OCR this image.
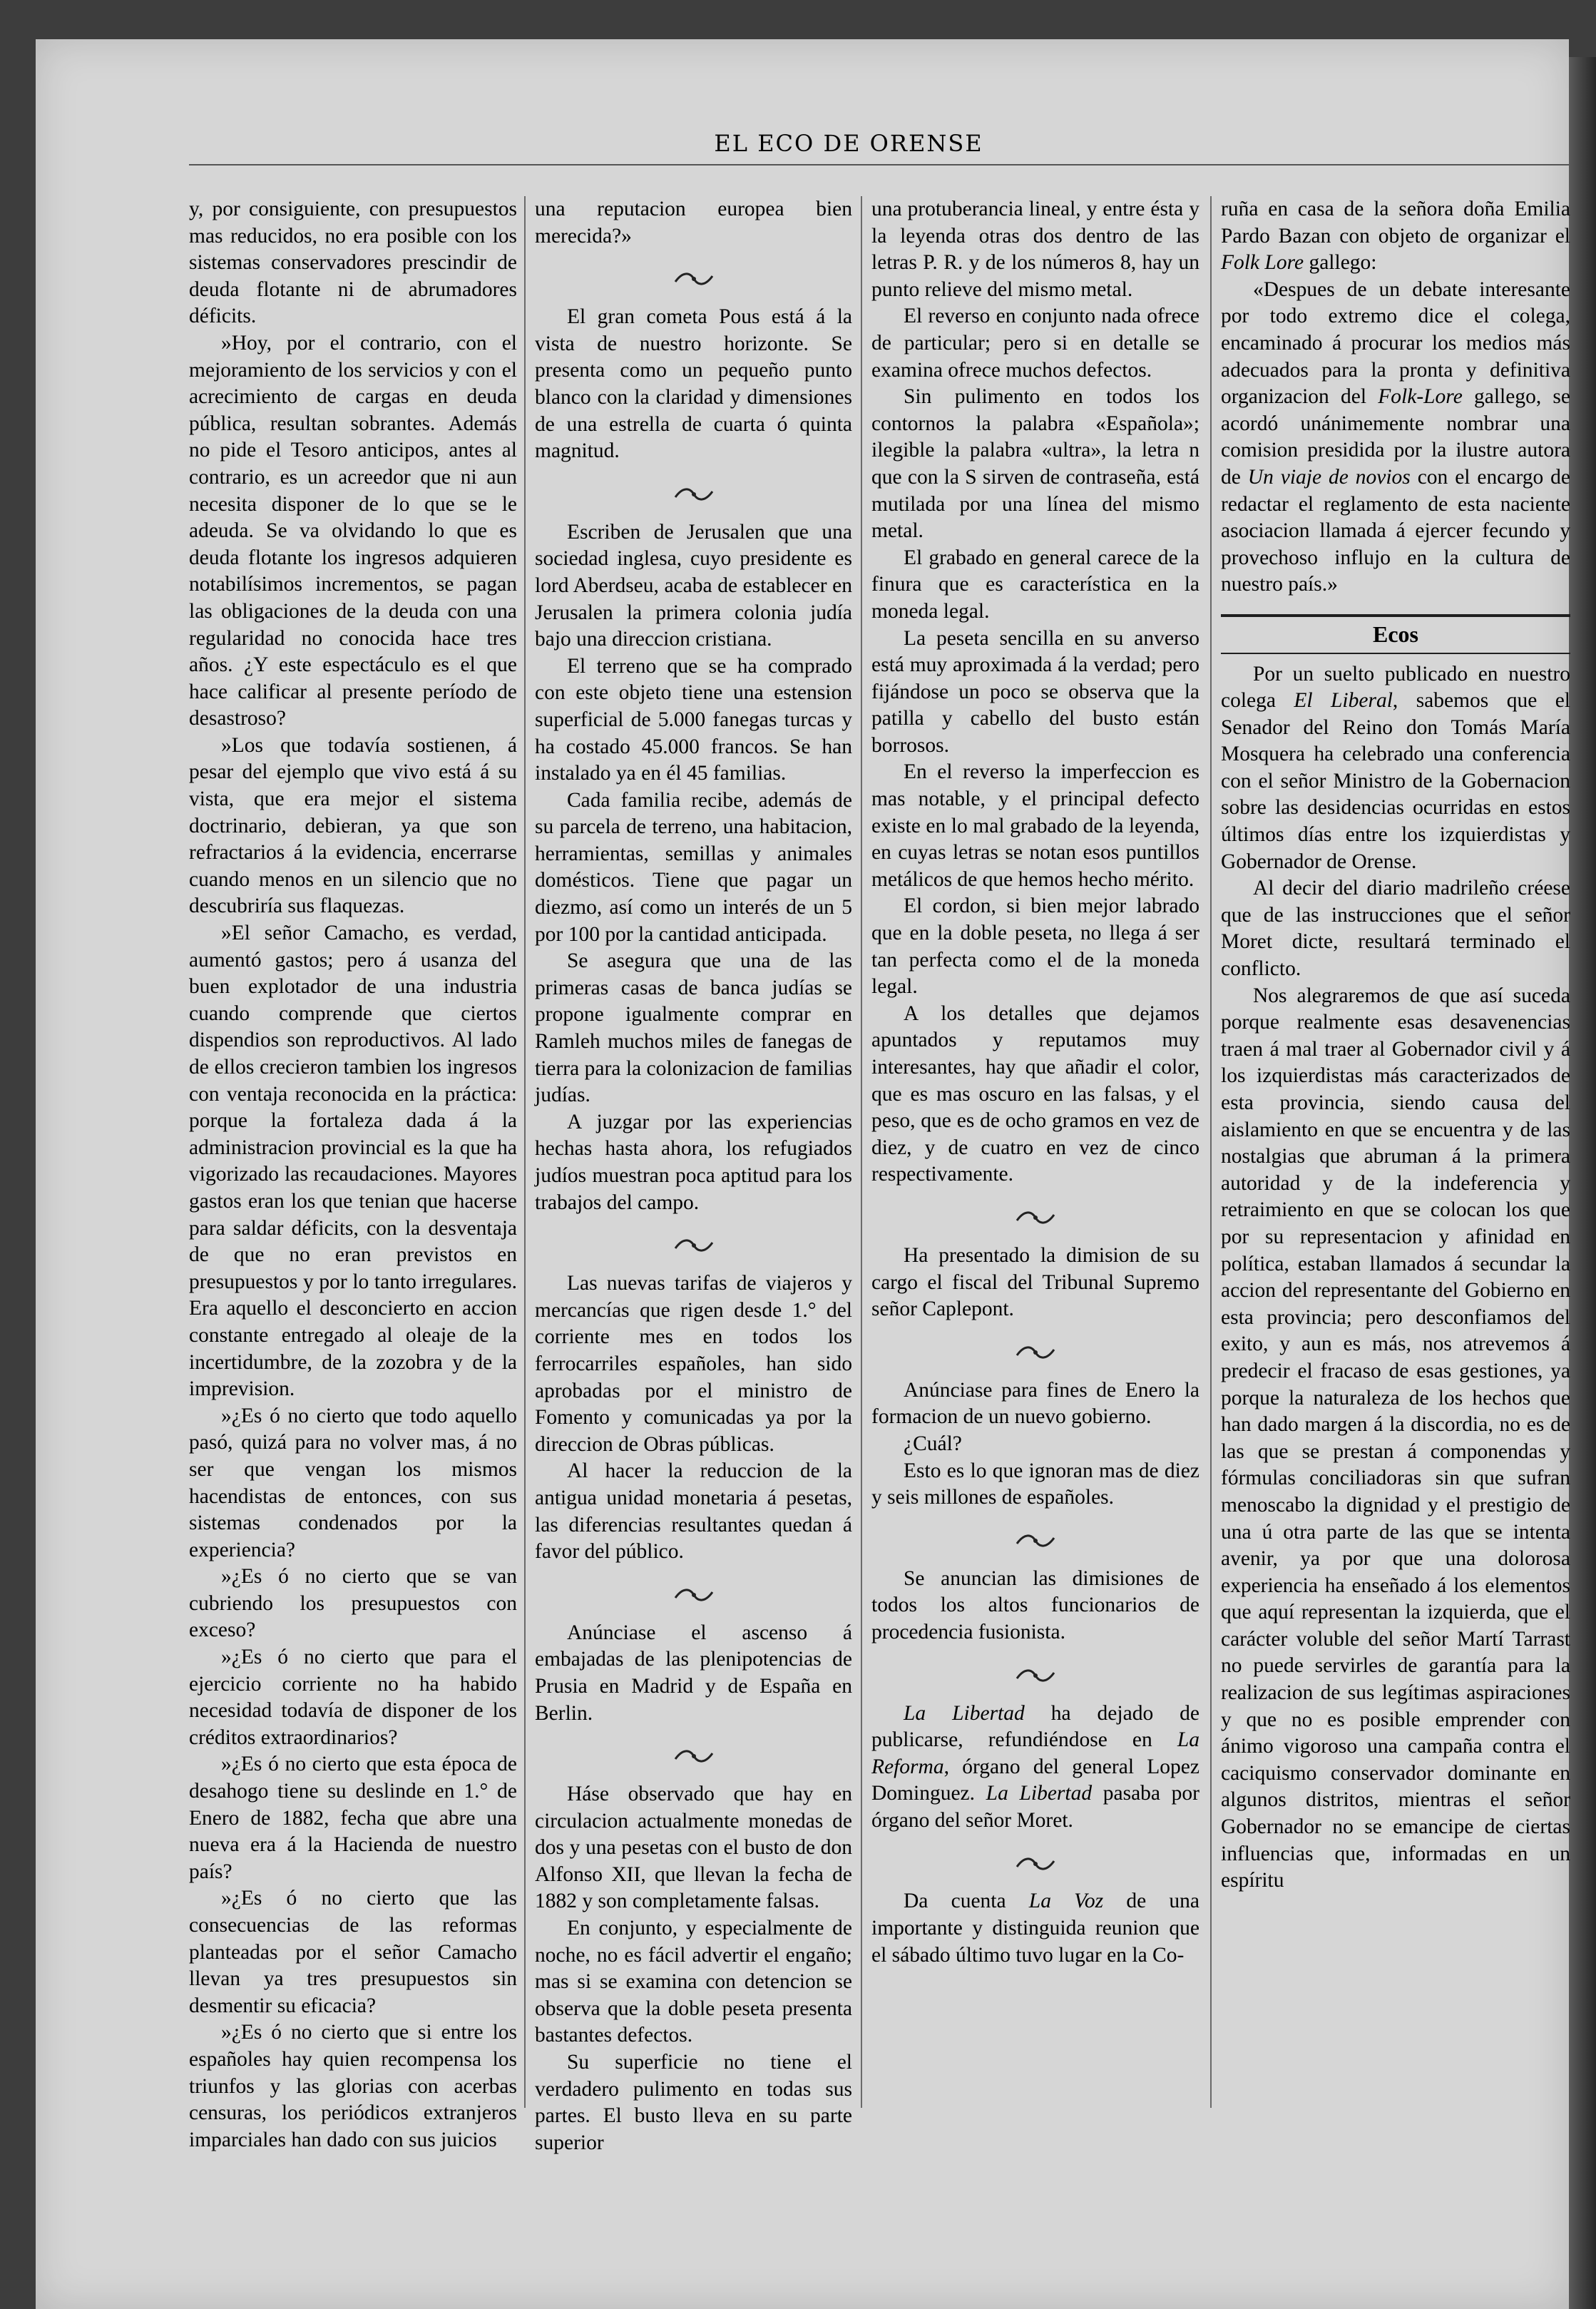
EL ECO DE ORENSE

y, por consiguiente, con presupuestos mas reducidos, no era posible con los sistemas conservadores prescindir de deuda flotante ni de abrumadores déficits.

»Hoy, por el contrario, con el mejoramiento de los servicios y con el acrecimiento de cargas en deuda pública, resultan sobrantes. Además no pide el Tesoro anticipos, antes al contrario, es un acreedor que ni aun necesita disponer de lo que se le adeuda. Se va olvidando lo que es deuda flotante los ingresos adquieren notabilísimos incrementos, se pagan las obligaciones de la deuda con una regularidad no conocida hace tres años. ¿Y este espectáculo es el que hace calificar al presente período de desastroso?

»Los que todavía sostienen, á pesar del ejemplo que vivo está á su vista, que era mejor el sistema doctrinario, debieran, ya que son refractarios á la evidencia, encerrarse cuando menos en un silencio que no descubriría sus flaquezas.

»El señor Camacho, es verdad, aumentó gastos; pero á usanza del buen explotador de una industria cuando comprende que ciertos dispendios son reproductivos. Al lado de ellos crecieron tambien los ingresos con ventaja reconocida en la práctica: porque la fortaleza dada á la administracion provincial es la que ha vigorizado las recaudaciones. Mayores gastos eran los que tenian que hacerse para saldar déficits, con la desventaja de que no eran previstos en presupuestos y por lo tanto irregulares. Era aquello el desconcierto en accion constante entregado al oleaje de la incertidumbre, de la zozobra y de la imprevision.

»¿Es ó no cierto que todo aquello pasó, quizá para no volver mas, á no ser que vengan los mismos hacendistas de entonces, con sus sistemas condenados por la experiencia?

»¿Es ó no cierto que se van cubriendo los presupuestos con exceso?

»¿Es ó no cierto que para el ejercicio corriente no ha habido necesidad todavía de disponer de los créditos extraordinarios?

»¿Es ó no cierto que esta época de desahogo tiene su deslinde en 1.° de Enero de 1882, fecha que abre una nueva era á la Hacienda de nuestro país?

»¿Es ó no cierto que las consecuencias de las reformas planteadas por el señor Camacho llevan ya tres presupuestos sin desmentir su eficacia?

»¿Es ó no cierto que si entre los españoles hay quien recompensa los triunfos y las glorias con acerbas censuras, los periódicos extranjeros imparciales han dado con sus juicios

una reputacion europea bien merecida?»

El gran cometa Pous está á la vista de nuestro horizonte. Se presenta como un pequeño punto blanco con la claridad y dimensiones de una estrella de cuarta ó quinta magnitud.

Escriben de Jerusalen que una sociedad inglesa, cuyo presidente es lord Aberdseu, acaba de establecer en Jerusalen la primera colonia judía bajo una direccion cristiana.

El terreno que se ha comprado con este objeto tiene una estension superficial de 5.000 fanegas turcas y ha costado 45.000 francos. Se han instalado ya en él 45 familias.

Cada familia recibe, además de su parcela de terreno, una habitacion, herramientas, semillas y animales domésticos. Tiene que pagar un diezmo, así como un interés de un 5 por 100 por la cantidad anticipada.

Se asegura que una de las primeras casas de banca judías se propone igualmente comprar en Ramleh muchos miles de fanegas de tierra para la colonizacion de familias judías.

A juzgar por las experiencias hechas hasta ahora, los refugiados judíos muestran poca aptitud para los trabajos del campo.

Las nuevas tarifas de viajeros y mercancías que rigen desde 1.° del corriente mes en todos los ferrocarriles españoles, han sido aprobadas por el ministro de Fomento y comunicadas ya por la direccion de Obras públicas.

Al hacer la reduccion de la antigua unidad monetaria á pesetas, las diferencias resultantes quedan á favor del público.

Anúnciase el ascenso á embajadas de las plenipotencias de Prusia en Madrid y de España en Berlin.

Háse observado que hay en circulacion actualmente monedas de dos y una pesetas con el busto de don Alfonso XII, que llevan la fecha de 1882 y son completamente falsas.

En conjunto, y especialmente de noche, no es fácil advertir el engaño; mas si se examina con detencion se observa que la doble peseta presenta bastantes defectos.

Su superficie no tiene el verdadero pulimento en todas sus partes. El busto lleva en su parte superior

una protuberancia lineal, y entre ésta y la leyenda otras dos dentro de las letras P. R. y de los números 8, hay un punto relieve del mismo metal.

El reverso en conjunto nada ofrece de particular; pero si en detalle se examina ofrece muchos defectos.

Sin pulimento en todos los contornos la palabra «Española»; ilegible la palabra «ultra», la letra n que con la S sirven de contraseña, está mutilada por una línea del mismo metal.

El grabado en general carece de la finura que es característica en la moneda legal.

La peseta sencilla en su anverso está muy aproximada á la verdad; pero fijándose un poco se observa que la patilla y cabello del busto están borrosos.

En el reverso la imperfeccion es mas notable, y el principal defecto existe en lo mal grabado de la leyenda, en cuyas letras se notan esos puntillos metálicos de que hemos hecho mérito.

El cordon, si bien mejor labrado que en la doble peseta, no llega á ser tan perfecta como el de la moneda legal.

A los detalles que dejamos apuntados y reputamos muy interesantes, hay que añadir el color, que es mas oscuro en las falsas, y el peso, que es de ocho gramos en vez de diez, y de cuatro en vez de cinco respectivamente.

Ha presentado la dimision de su cargo el fiscal del Tribunal Supremo señor Caplepont.

Anúnciase para fines de Enero la formacion de un nuevo gobierno.

¿Cuál?

Esto es lo que ignoran mas de diez y seis millones de españoles.

Se anuncian las dimisiones de todos los altos funcionarios de procedencia fusionista.

La Libertad ha dejado de publicarse, refundiéndose en La Reforma, órgano del general Lopez Dominguez. La Libertad pasaba por órgano del señor Moret.

Da cuenta La Voz de una importante y distinguida reunion que el sábado último tuvo lugar en la Co-

ruña en casa de la señora doña Emilia Pardo Bazan con objeto de organizar el Folk Lore gallego:

«Despues de un debate interesante por todo extremo dice el colega, encaminado á procurar los medios más adecuados para la pronta y definitiva organizacion del Folk-Lore gallego, se acordó unánimemente nombrar una comision presidida por la ilustre autora de Un viaje de novios con el encargo de redactar el reglamento de esta naciente asociacion llamada á ejercer fecundo y provechoso influjo en la cultura de nuestro país.»

Ecos

Por un suelto publicado en nuestro colega El Liberal, sabemos que el Senador del Reino don Tomás María Mosquera ha celebrado una conferencia con el señor Ministro de la Gobernacion sobre las desidencias ocurridas en estos últimos días entre los izquierdistas y Gobernador de Orense.

Al decir del diario madrileño créese que de las instrucciones que el señor Moret dicte, resultará terminado el conflicto.

Nos alegraremos de que así suceda porque realmente esas desavenencias traen á mal traer al Gobernador civil y á los izquierdistas más caracterizados de esta provincia, siendo causa del aislamiento en que se encuentra y de las nostalgias que abruman á la primera autoridad y de la indeferencia y retraimiento en que se colocan los que por su representacion y afinidad en política, estaban llamados á secundar la accion del representante del Gobierno en esta provincia; pero desconfiamos del exito, y aun es más, nos atrevemos á predecir el fracaso de esas gestiones, ya porque la naturaleza de los hechos que han dado margen á la discordia, no es de las que se prestan á componendas y fórmulas conciliadoras sin que sufran menoscabo la dignidad y el prestigio de una ú otra parte de las que se intenta avenir, ya por que una dolorosa experiencia ha enseñado á los elementos que aquí representan la izquierda, que el carácter voluble del señor Martí Tarrast no puede servirles de garantía para la realizacion de sus legítimas aspiraciones y que no es posible emprender con ánimo vigoroso una campaña contra el caciquismo conservador dominante en algunos distritos, mientras el señor Gobernador no se emancipe de ciertas influencias que, informadas en un espíritu
